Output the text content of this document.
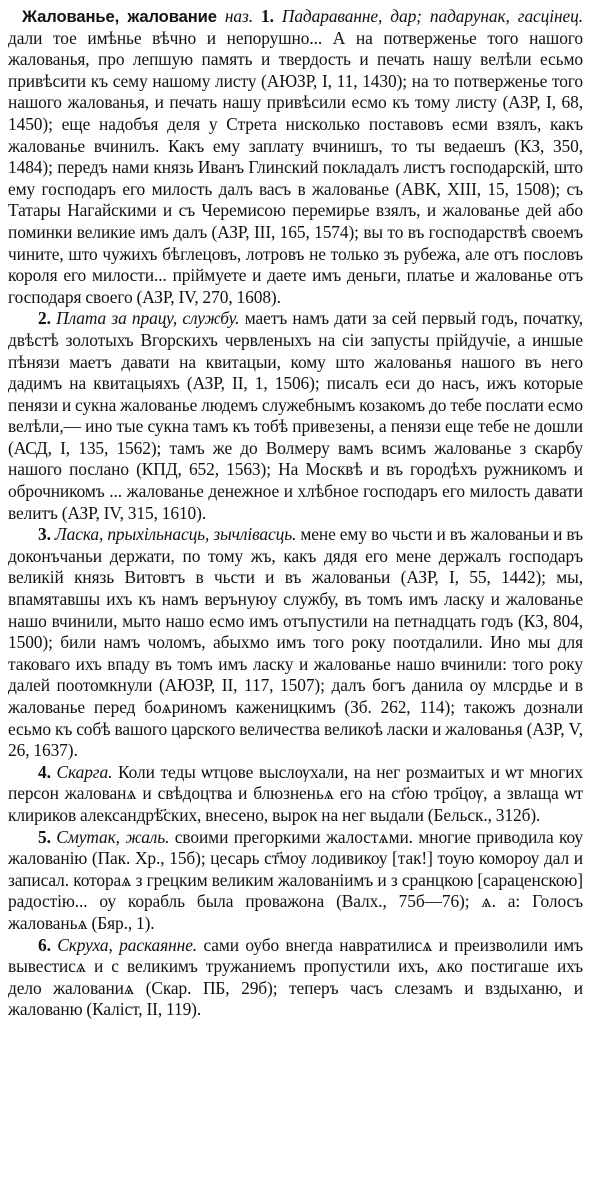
Жалованье, жалование наз. 1. Падараванне, дар; падарунак, гасцінец. дали тое имѣнье вѣчно и непорушно... А на потверженье того нашого жалованья, про лепшую память и твердость и печать нашу велѣли есьмо привѣсити къ сему нашому листу (АЮЗР, I, 11, 1430); на то потверженье того нашого жалованья, и печать нашу привѣсили есмо къ тому листу (АЗР, I, 68, 1450); еще надобъя деля у Стрета нисколько поставовъ есми взялъ, какъ жалованье вчинилъ. Какъ ему заплату вчинишъ, то ты ведаешъ (КЗ, 350, 1484); передъ нами князь Иванъ Глинский покладалъ листъ господарскій, што ему господаръ его милость далъ васъ в жалованье (АВК, XIII, 15, 1508); съ Татары Нагайскими и съ Черемисою перемирье взялъ, и жалованье дей або поминки великие имъ далъ (АЗР, III, 165, 1574); вы то въ господарствѣ своемъ чините, што чужихъ бѣглецовъ, лотровъ не только зъ рубежа, але отъ пословъ короля его милости... пріймуете и даете имъ деньги, платье и жалованье отъ господаря своего (АЗР, IV, 270, 1608).

2. Плата за працу, службу. маетъ намъ дати за сей первый годъ, початку, двѣстѣ золотыхъ Вгорскихъ червленыхъ на сіи запусты прійдучіе, а иншые пѣнязи маетъ давати на квитацыи, кому што жалованья нашого въ него дадимъ на квитацыяхъ (АЗР, II, 1, 1506); писалъ еси до насъ, ижъ которые пенязи и сукна жалованье людемъ служебнымъ козакомъ до тебе послати есмо велѣли,— ино тые сукна тамъ къ тобѣ привезены, а пенязи еще тебе не дошли (АСД, I, 135, 1562); тамъ же до Волмеру вамъ всимъ жалованье з скарбу нашого послано (КПД, 652, 1563); На Москвѣ и въ городѣхъ ружникомъ и оброчникомъ ... жалованье денежное и хлѣбное господаръ его милость давати велитъ (АЗР, IV, 315, 1610).

3. Ласка, прыхільнасць, зычлівасць. мене ему во чьсти и въ жалованьи и въ доконъчаньи держати, по тому жъ, какъ дядя его мене держалъ господаръ великій князь Витовтъ в чьсти и въ жалованьи (АЗР, I, 55, 1442); мы, впамятавшы ихъ къ намъ верънуюу службу, въ томъ имъ ласку и жалованье нашо вчинили, мыто нашо есмо имъ отъпустили на петнадцать годъ (КЗ, 804, 1500); били намъ чоломъ, абыхмо имъ того року поотдалили. Ино мы для таковаго ихъ впаду въ томъ имъ ласку и жалованье нашо вчинили: того року далей поотомкнули (АЮЗР, II, 117, 1507); далъ богъ данила оу млсрдье и в жалованье перед боѧриномъ каженицкимъ (Зб. 262, 114); такожъ дознали есьмо къ собѣ вашого царского величества великоѣ ласки и жалованья (АЗР, V, 26, 1637).

4. Скарга. Коли теды ѡтцове выслѹхали, на нег розмаитых и ѡт многих персон жалованѧ и свѣдоцтва и блюзненьѧ его на ст҃ою тро҃цѹ, а звлаща ѡт клириков александрѣ҃ских, внесено, вырок на нег выдали (Бельск., 312б).

5. Смутак, жаль. своими прегоркими жалостѧми. многие приводила коу жалованію (Пак. Хр., 15б); цесарь ст҃моу лодивикоу [так!] тоую комороу дал и записал. котораѧ з грецким великим жалованіимъ и з сранцкою [сараценскою] радостію... оу корабль была проважона (Валх., 75б—76); ѧ. а: Голосъ жалованьѧ (Бяр., 1).

6. Скруха, раскаянне. сами оубо внегда навратилисѧ и преизволили имъ вывестисѧ и с великимъ тружаниемъ пропустили ихъ, ѧко постигаше ихъ дело жалованиѧ (Скар. ПБ, 29б); теперъ часъ слезамъ и вздыханю, и жалованю (Каліст, II, 119).
